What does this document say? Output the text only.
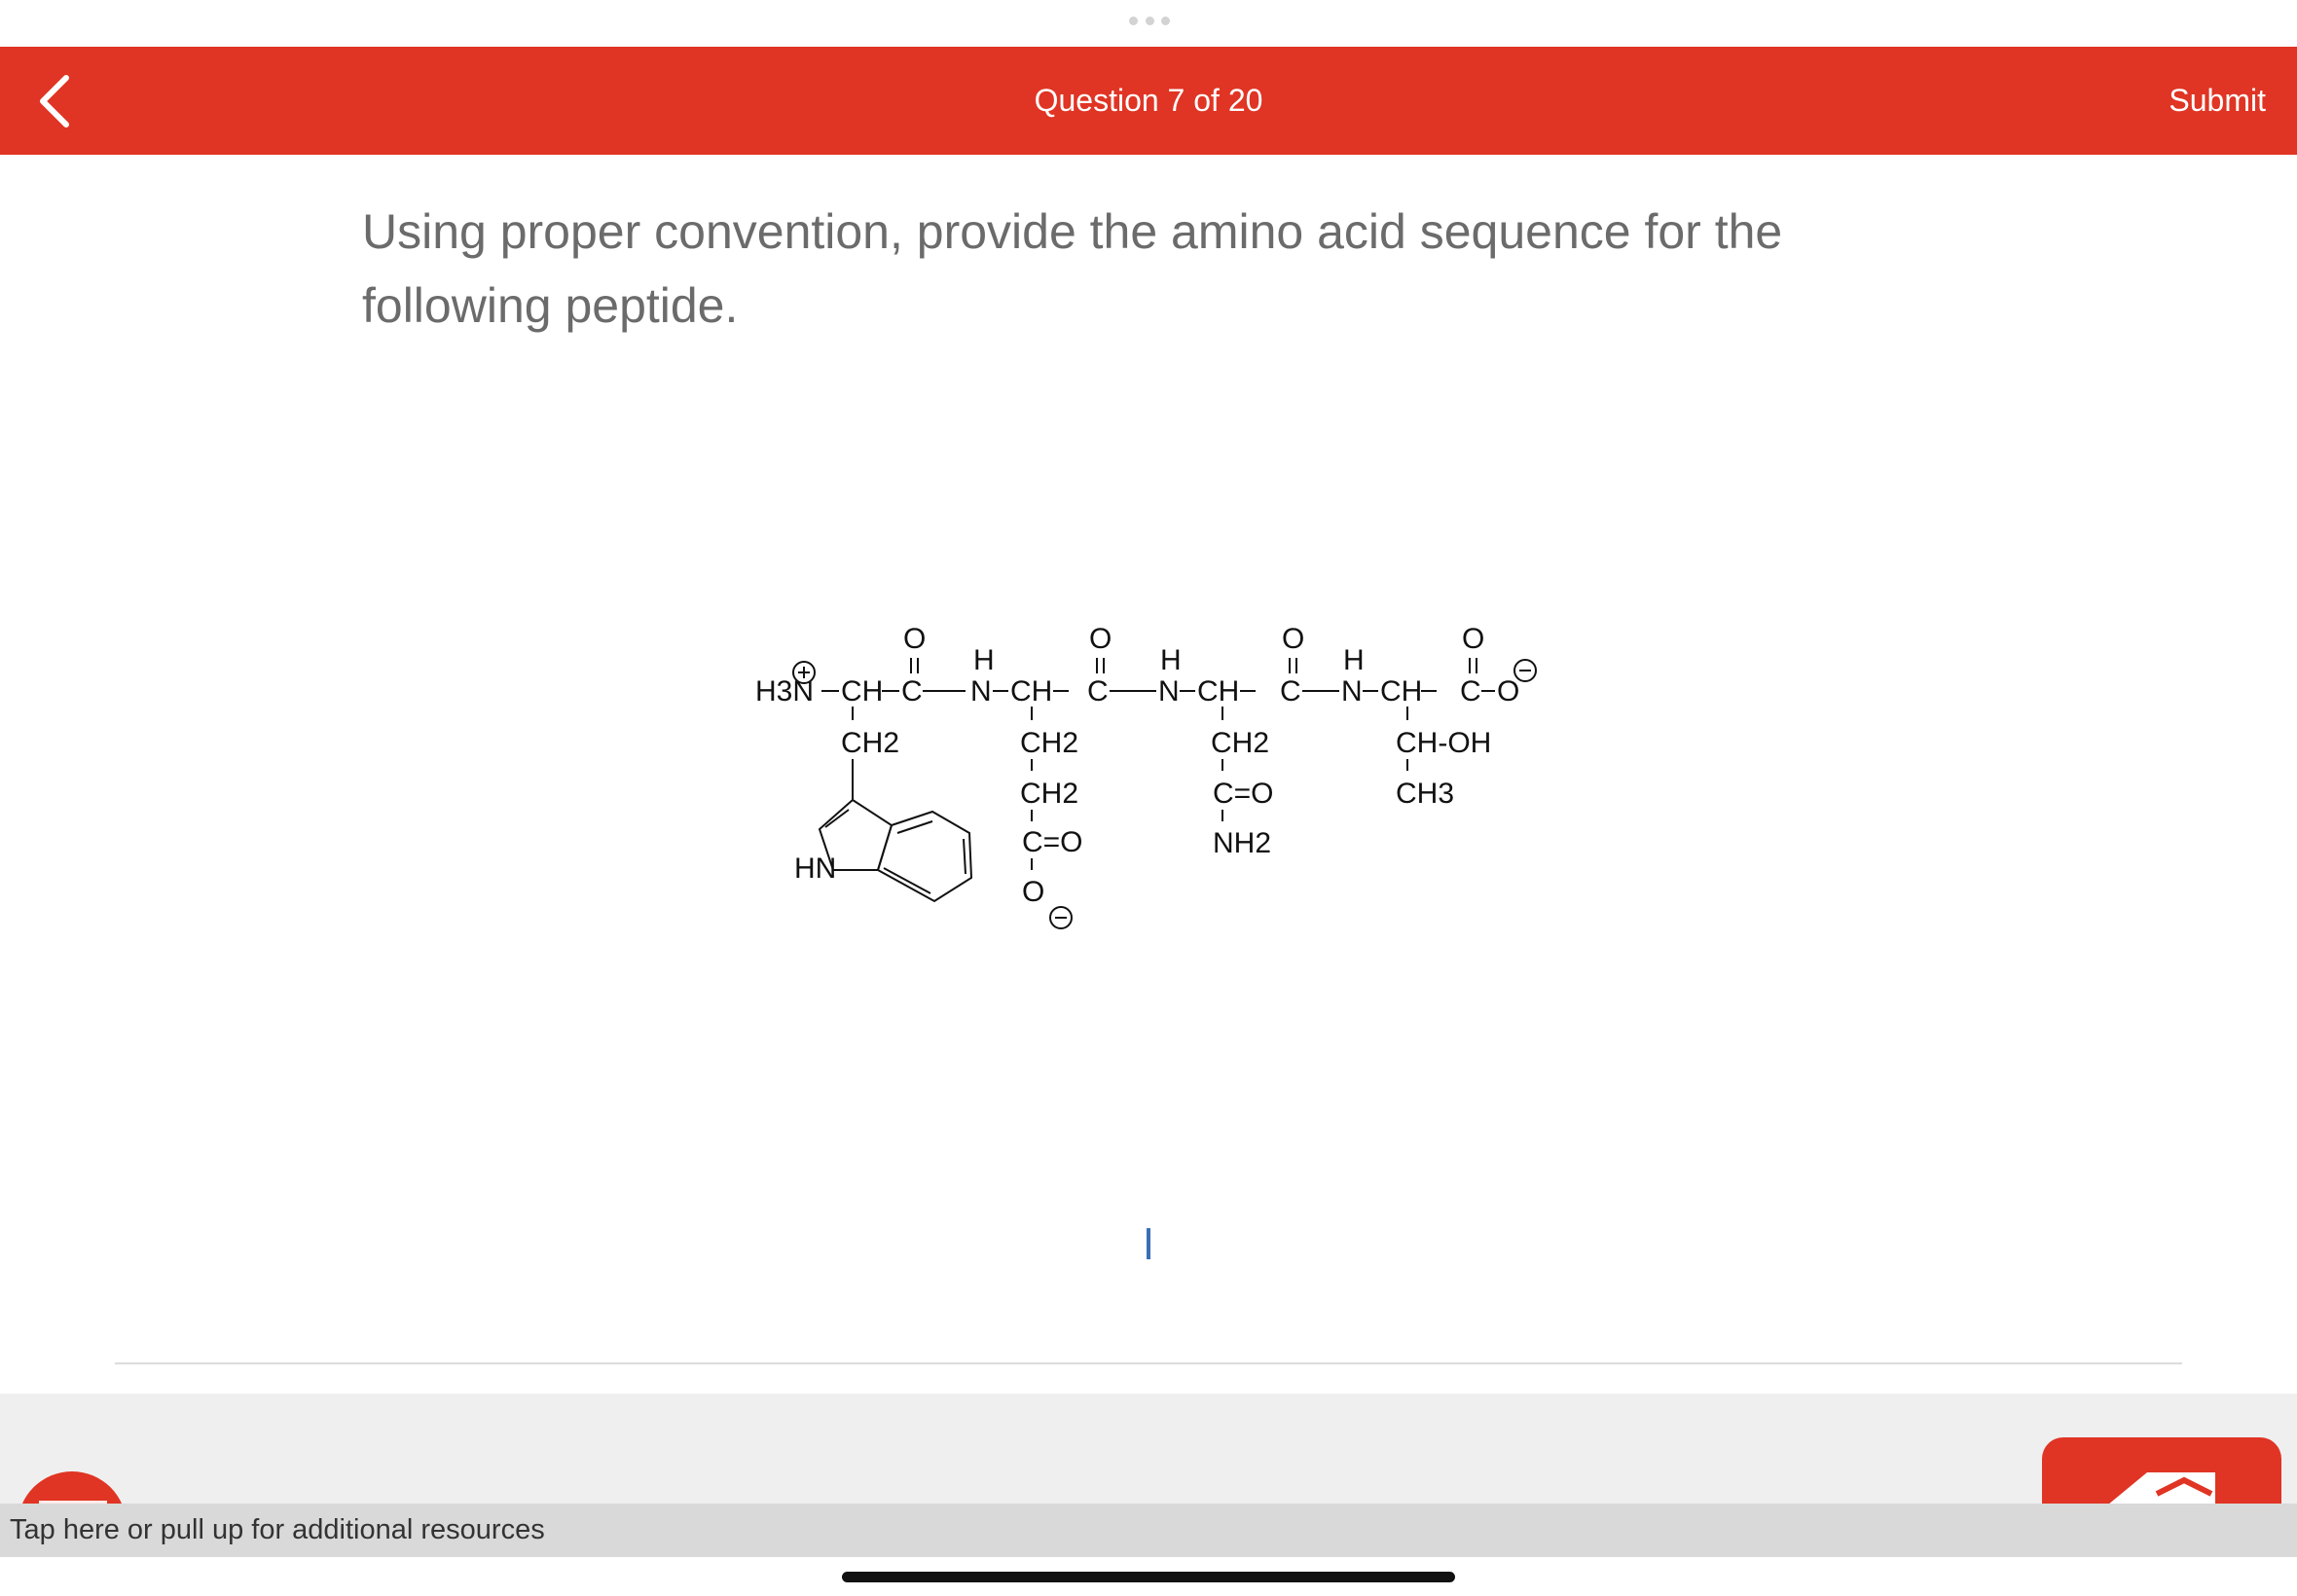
Question 7 of 20	Submit
Using proper convention, provide the amino acid sequence for the following peptide.
O	O	O	O
H	H	H
H3N CH C N CH C N CH C N CH C O
CH2
HN
CH2
CH2
C=O
O
CH2
C=O
NH2
CH-OH
CH3
Tap here or pull up for additional resources
